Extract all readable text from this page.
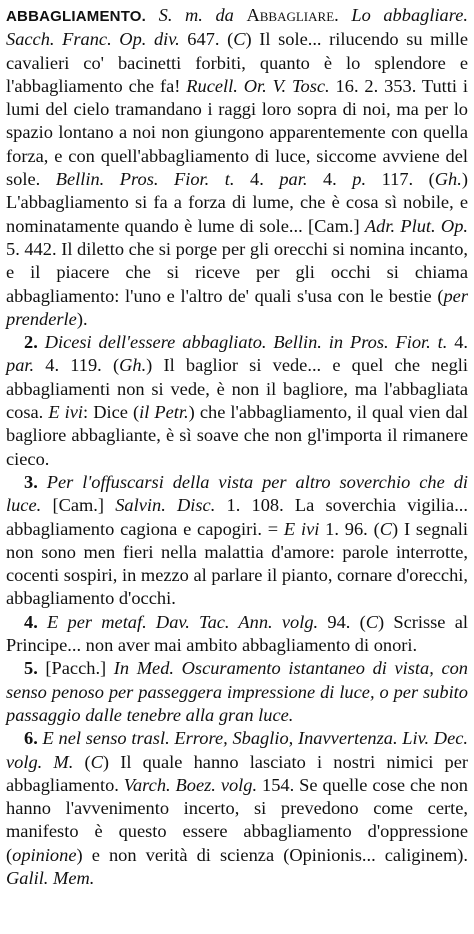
ABBAGLIAMENTO. S. m. da Abbagliare. Lo abbagliare. Sacch. Franc. Op. div. 647. (C) Il sole... rilucendo su mille cavalieri co' bacinetti forbiti, quanto è lo splendore e l'abbagliamento che fa! Rucell. Or. V. Tosc. 16. 2. 353. Tutti i lumi del cielo tramandano i raggi loro sopra di noi, ma per lo spazio lontano a noi non giungono apparentemente con quella forza, e con quell'abbagliamento di luce, siccome avviene del sole. Bellin. Pros. Fior. t. 4. par. 4. p. 117. (Gh.) L'abbagliamento si fa a forza di lume, che è cosa sì nobile, e nominatamente quando è lume di sole... [Cam.] Adr. Plut. Op. 5. 442. Il diletto che si porge per gli orecchi si nomina incanto, e il piacere che si riceve per gli occhi si chiama abbagliamento: l'uno e l'altro de' quali s'usa con le bestie (per prenderle).

2. Dicesi dell'essere abbagliato. Bellin. in Pros. Fior. t. 4. par. 4. 119. (Gh.) Il baglior si vede... e quel che negli abbagliamenti non si vede, è non il bagliore, ma l'abbagliata cosa. E ivi: Dice (il Petr.) che l'abbagliamento, il qual vien dal bagliore abbagliante, è sì soave che non gl'importa il rimanere cieco.

3. Per l'offuscarsi della vista per altro soverchio che di luce. [Cam.] Salvin. Disc. 1. 108. La soverchia vigilia... abbagliamento cagiona e capogiri. = E ivi 1. 96. (C) I segnali non sono men fieri nella malattia d'amore: parole interrotte, cocenti sospiri, in mezzo al parlare il pianto, cornare d'orecchi, abbagliamento d'occhi.

4. E per metaf. Dav. Tac. Ann. volg. 94. (C) Scrisse al Principe... non aver mai ambito abbagliamento di onori.

5. [Pacch.] In Med. Oscuramento istantaneo di vista, con senso penoso per passeggera impressione di luce, o per subito passaggio dalle tenebre alla gran luce.

6. E nel senso trasl. Errore, Sbaglio, Inavvertenza. Liv. Dec. volg. M. (C) Il quale hanno lasciato i nostri nimici per abbagliamento. Varch. Boez. volg. 154. Se quelle cose che non hanno l'avvenimento incerto, si prevedono come certe, manifesto è questo essere abbagliamento d'oppressione (opinione) e non verità di scienza (Opinionis... caliginem). Galil. Mem.
